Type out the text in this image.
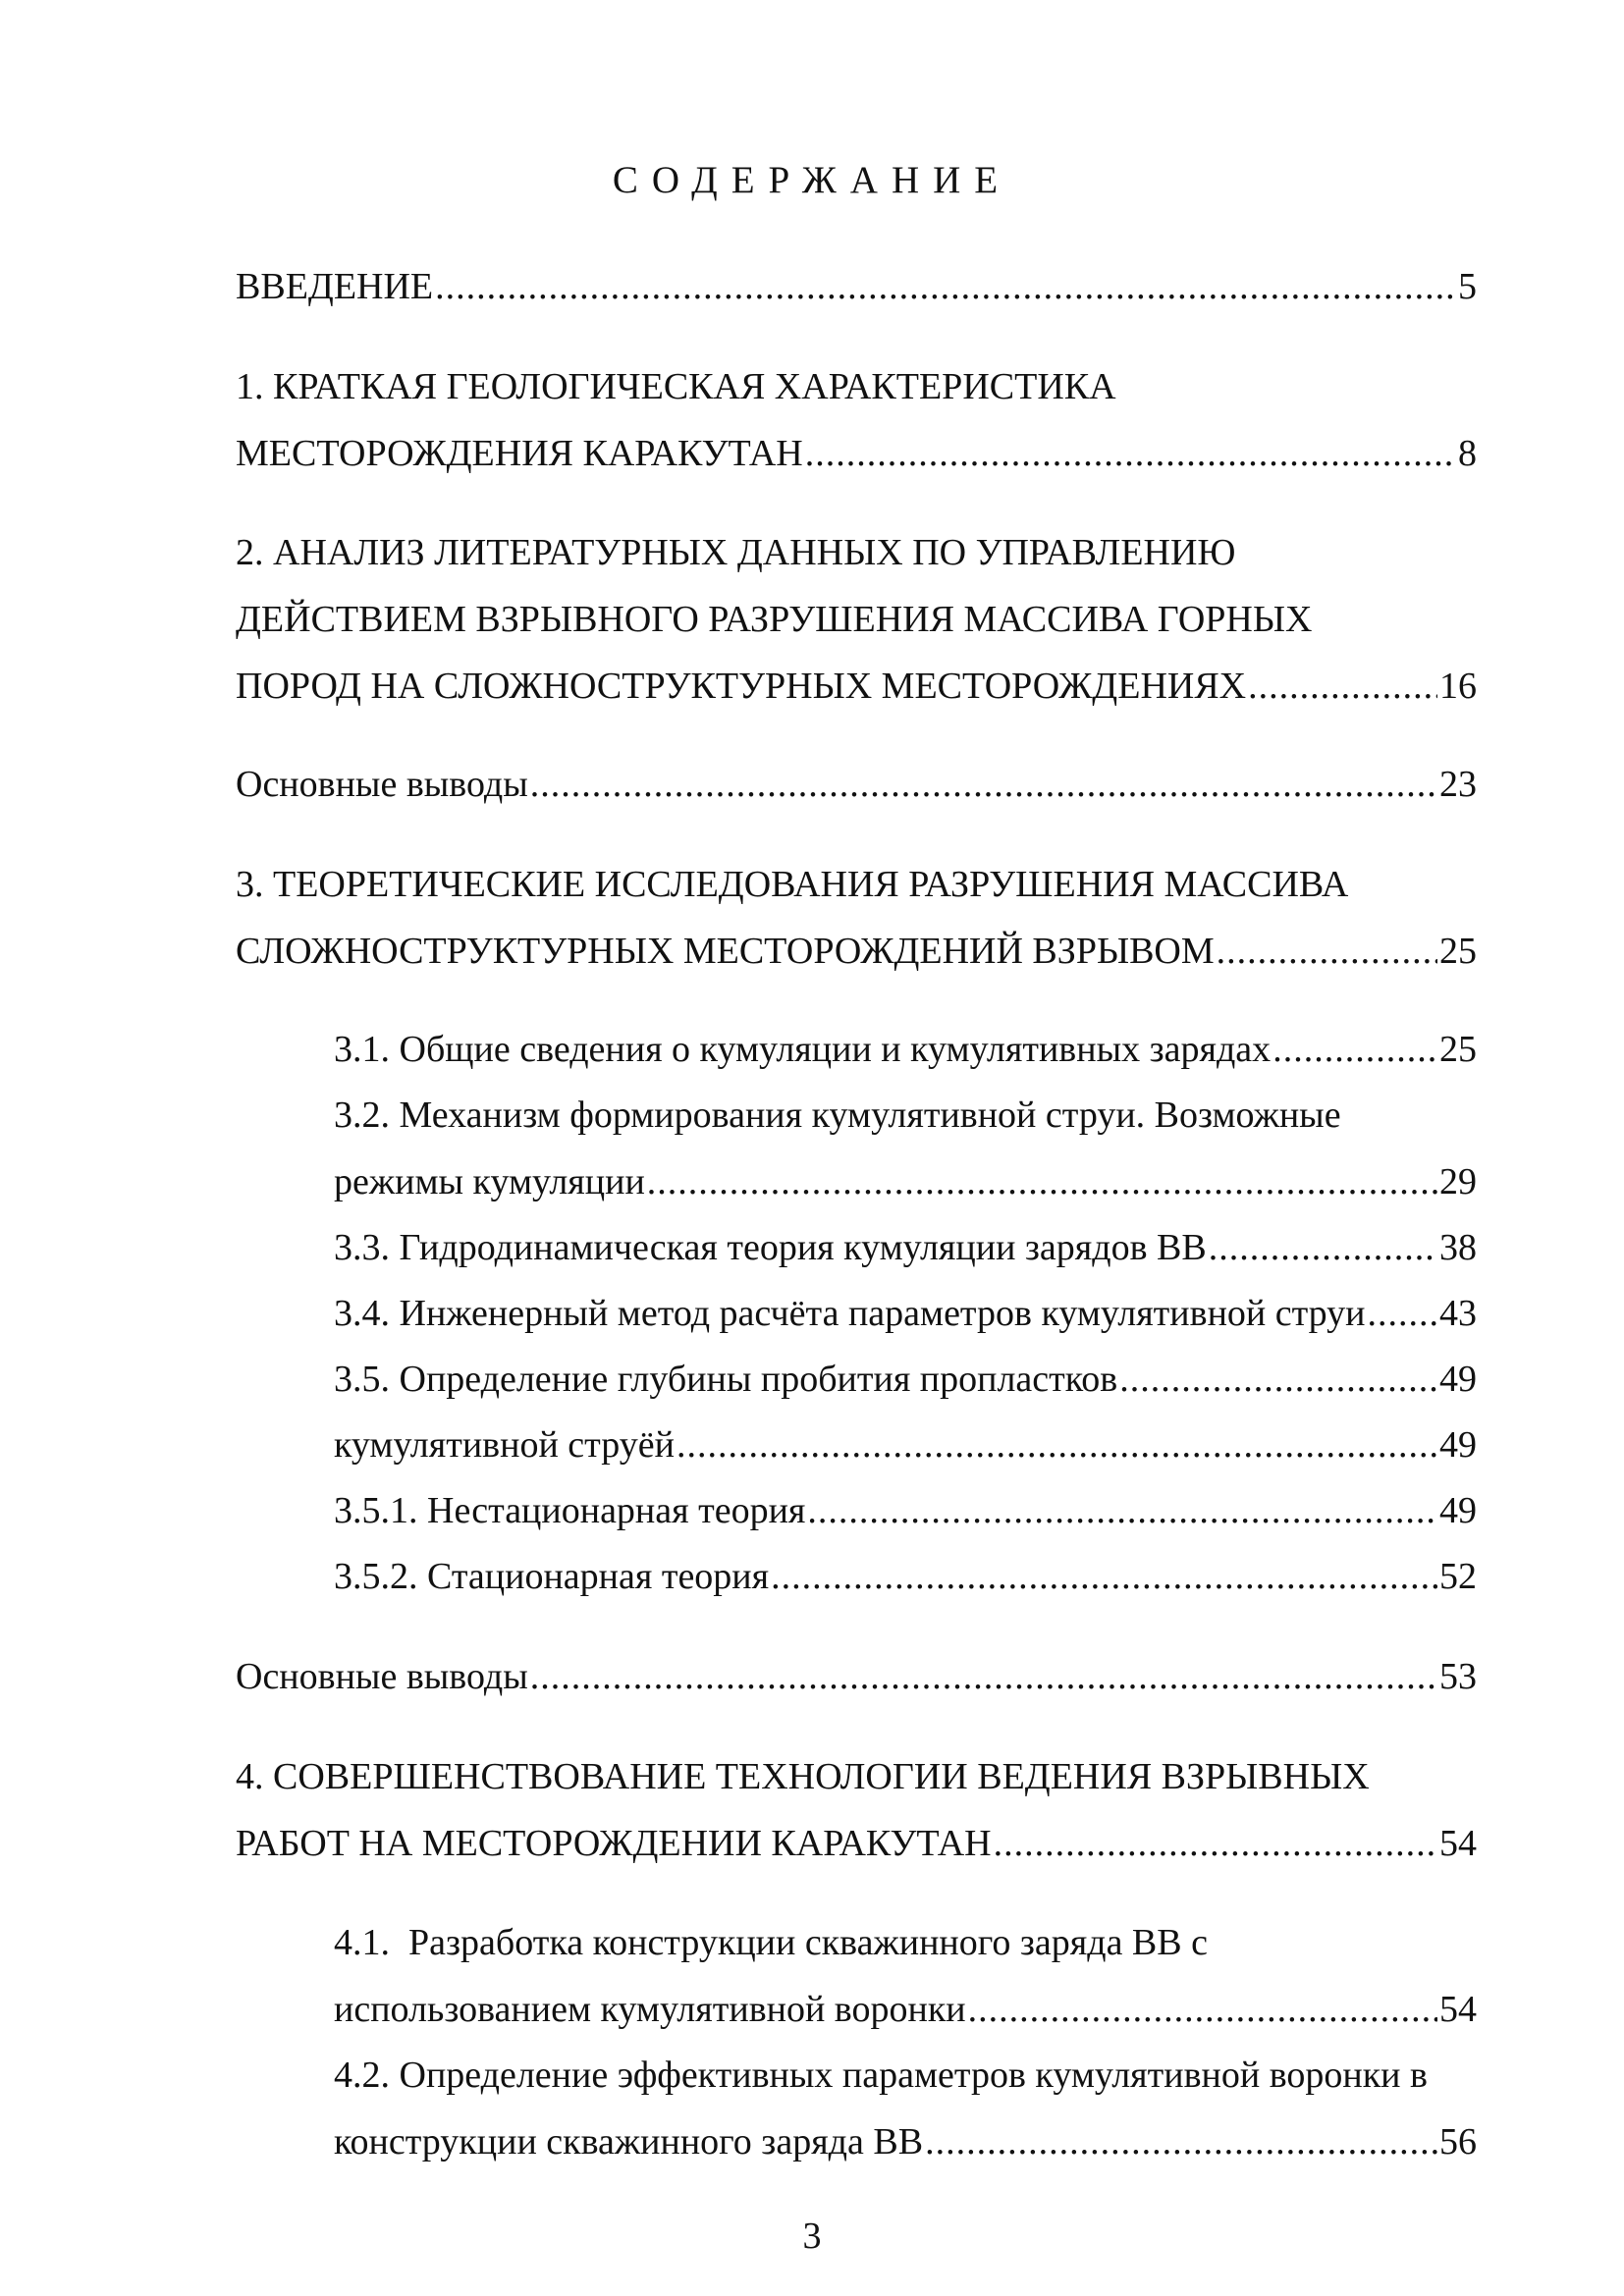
СОДЕРЖАНИЕ
ВВЕДЕНИЕ .....	5
1. КРАТКАЯ ГЕОЛОГИЧЕСКАЯ ХАРАКТЕРИСТИКА
МЕСТОРОЖДЕНИЯ КАРАКУТАН .....	8
2. АНАЛИЗ ЛИТЕРАТУРНЫХ ДАННЫХ ПО УПРАВЛЕНИЮ
ДЕЙСТВИЕМ ВЗРЫВНОГО РАЗРУШЕНИЯ МАССИВА ГОРНЫХ
ПОРОД НА СЛОЖНОСТРУКТУРНЫХ МЕСТОРОЖДЕНИЯХ .....	16
Основные выводы .....	23
3. ТЕОРЕТИЧЕСКИЕ ИССЛЕДОВАНИЯ РАЗРУШЕНИЯ МАССИВА
СЛОЖНОСТРУКТУРНЫХ МЕСТОРОЖДЕНИЙ ВЗРЫВОМ .....	25
3.1. Общие сведения о кумуляции и кумулятивных зарядах .....	25
3.2. Механизм формирования кумулятивной струи. Возможные
режимы кумуляции .....	29
3.3. Гидродинамическая теория кумуляции зарядов ВВ .....	38
3.4. Инженерный метод расчёта параметров кумулятивной струи ..... 43
3.5. Определение глубины пробития пропластков .....	49
кумулятивной струёй .....	49
3.5.1. Нестационарная теория .....	49
3.5.2. Стационарная теория .....	52
Основные выводы .....	53
4. СОВЕРШЕНСТВОВАНИЕ ТЕХНОЛОГИИ ВЕДЕНИЯ ВЗРЫВНЫХ
РАБОТ НА МЕСТОРОЖДЕНИИ КАРАКУТАН .....	54
4.1.  Разработка конструкции скважинного заряда ВВ с
использованием кумулятивной воронки .....	54
4.2. Определение эффективных параметров кумулятивной воронки в
конструкции скважинного заряда ВВ .....	56
3
